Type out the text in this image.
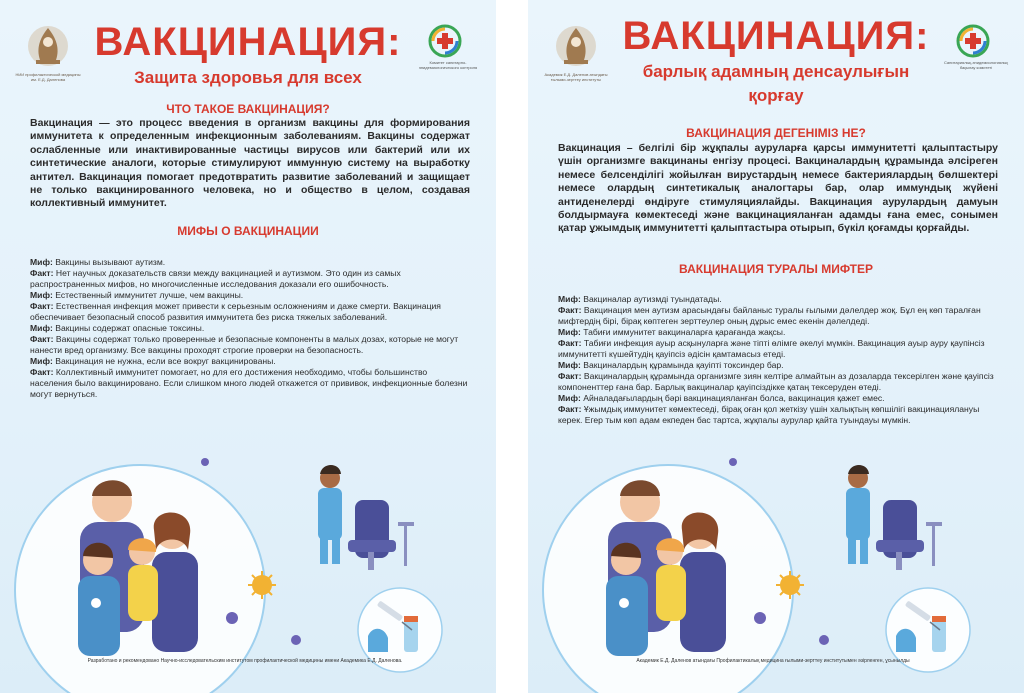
НИИ профилактической медицины им. Е.Д. Даленова
Комитет санитарно-эпидемиологического контроля
ВАКЦИНАЦИЯ:
Защита здоровья для всех
ЧТО ТАКОЕ ВАКЦИНАЦИЯ?
Вакцинация — это процесс введения в организм вакцины для формирования иммунитета к определенным инфекционным заболеваниям. Вакцины содержат ослабленные или инактивированные частицы вирусов или бактерий или их синтетические аналоги, которые стимулируют иммунную систему на выработку антител. Вакцинация помогает предотвратить развитие заболеваний и защищает не только вакцинированного человека, но и общество в целом, создавая коллективный иммунитет.
МИФЫ О ВАКЦИНАЦИИ
Миф: Вакцины вызывают аутизм.
Факт: Нет научных доказательств связи между вакцинацией и аутизмом. Это один из самых распространенных мифов, но многочисленные исследования доказали его ошибочность.
Миф: Естественный иммунитет лучше, чем вакцины.
Факт: Естественная инфекция может привести к серьезным осложнениям и даже смерти. Вакцинация обеспечивает безопасный способ развития иммунитета без риска тяжелых заболеваний.
Миф: Вакцины содержат опасные токсины.
Факт: Вакцины содержат только проверенные и безопасные компоненты в малых дозах, которые не могут нанести вред организму. Все вакцины проходят строгие проверки на безопасность.
Миф: Вакцинация не нужна, если все вокруг вакцинированы.
Факт: Коллективный иммунитет помогает, но для его достижения необходимо, чтобы большинство населения было вакцинировано. Если слишком много людей откажется от прививок, инфекционные болезни могут вернуться.
Разработано и рекомендовано Научно-исследовательским институтом профилактической медицины имени Академика Е.Д. Даленова.
Академик Е.Д. Даленов атындағы ғылыми-зерттеу институты
Санитариялық-эпидемиологиялық бақылау комитеті
ВАКЦИНАЦИЯ:
барлық адамның денсаулығын қорғау
ВАКЦИНАЦИЯ ДЕГЕНІМІЗ НЕ?
Вакцинация – белгілі бір жұқпалы ауруларға қарсы иммунитетті қалыптастыру үшін организмге вакцинаны енгізу процесі. Вакциналардың құрамында әлсіреген немесе белсенділігі жойылған вирустардың немесе бактериялардың бөлшектері немесе олардың синтетикалық аналогтары бар, олар иммундық жүйені антиденелерді өндіруге стимуляциялайды. Вакцинация аурулардың дамуын болдырмауға көмектеседі және вакцинацияланған адамды ғана емес, сонымен қатар ұжымдық иммунитетті қалыптастыра отырып, бүкіл қоғамды қорғайды.
ВАКЦИНАЦИЯ ТУРАЛЫ МИФТЕР
Миф: Вакциналар аутизмді туындатады.
Факт: Вакцинация мен аутизм арасындағы байланыс туралы ғылыми дәлелдер жоқ. Бұл ең көп таралған мифтердің бірі, бірақ көптеген зерттеулер оның дұрыс емес екенін дәлелдеді.
Миф: Табиғи иммунитет вакциналарға қарағанда жақсы.
Факт: Табиғи инфекция ауыр асқынуларға және тіпті өлімге әкелуі мүмкін. Вакцинация ауыр ауру қаупінсіз иммунитетті күшейтудің қауіпсіз әдісін қамтамасыз етеді.
Миф: Вакциналардың құрамында қауіпті токсиндер бар.
Факт: Вакциналардың құрамында организмге зиян келтіре алмайтын аз дозаларда тексерілген және қауіпсіз компоненттер ғана бар. Барлық вакциналар қауіпсіздікке қатаң тексеруден өтеді.
Миф: Айналадағылардың бәрі вакцинацияланған болса, вакцинация қажет емес.
Факт: Ұжымдық иммунитет көмектеседі, бірақ оған қол жеткізу үшін халықтың көпшілігі вакцинациялануы керек. Егер тым көп адам екпеден бас тартса, жұқпалы аурулар қайта туындауы мүмкін.
Академик Е.Д. Даленов атындағы Профилактикалық медицина ғылыми-зерттеу институтымен әзірленген, ұсынылды
